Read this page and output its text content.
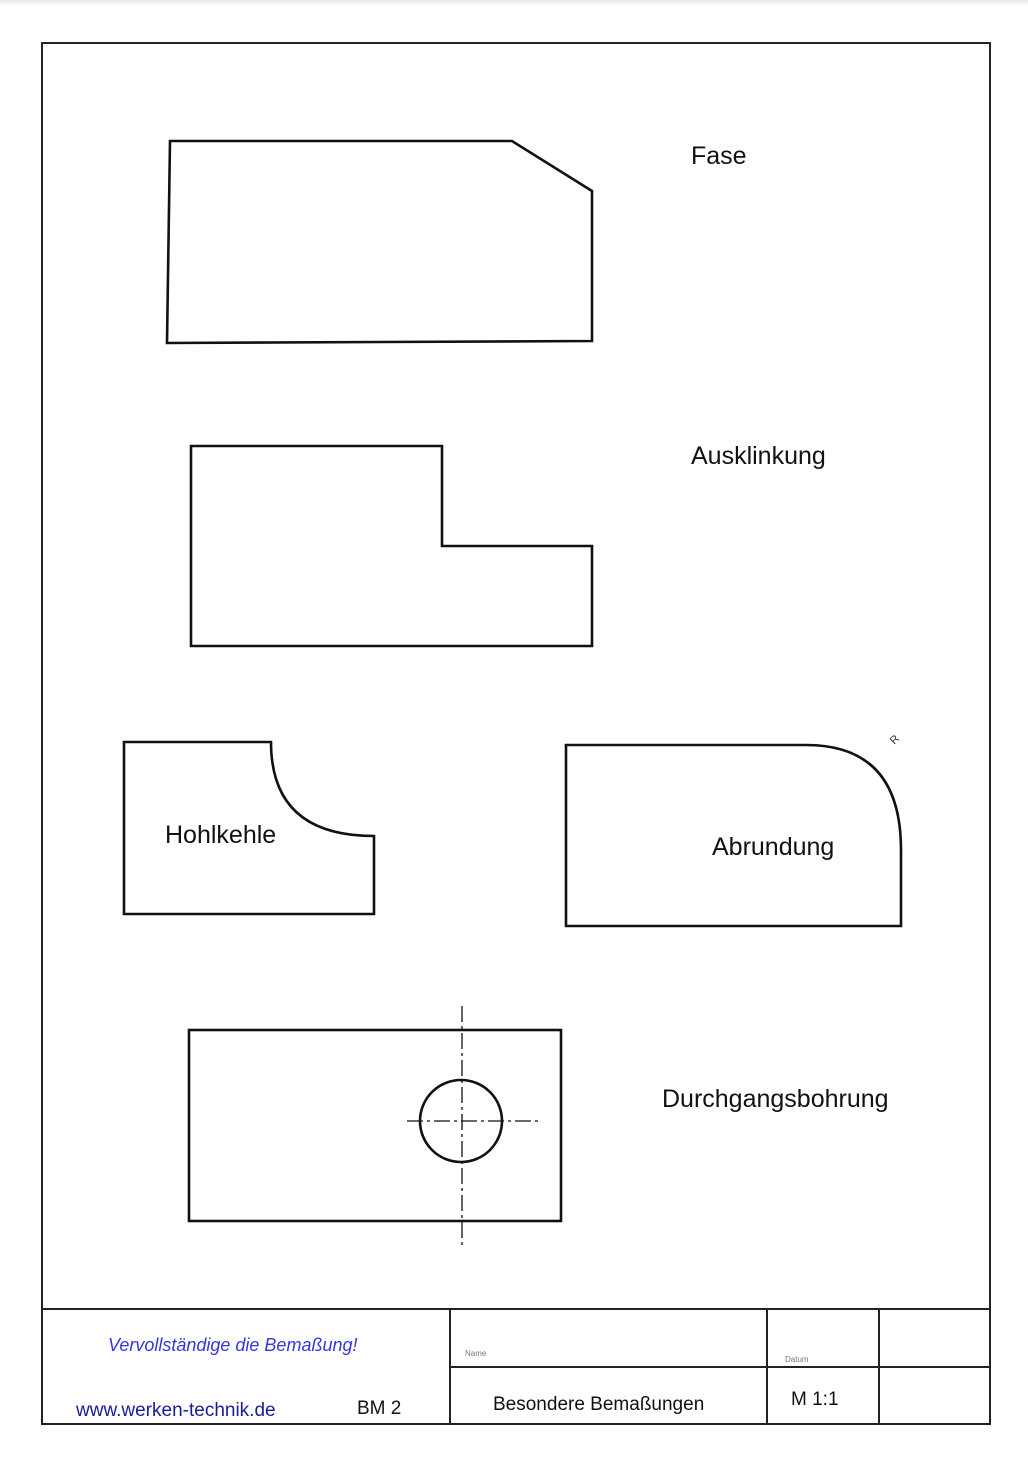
Fase
Ausklinkung
Hohlkehle	Abrundung
Durchgangsbohrung
R
Vervollständige die Bemaßung!
www.werken-technik.de	BM 2
Name
Datum
Besondere Bemaßungen	M 1:1
